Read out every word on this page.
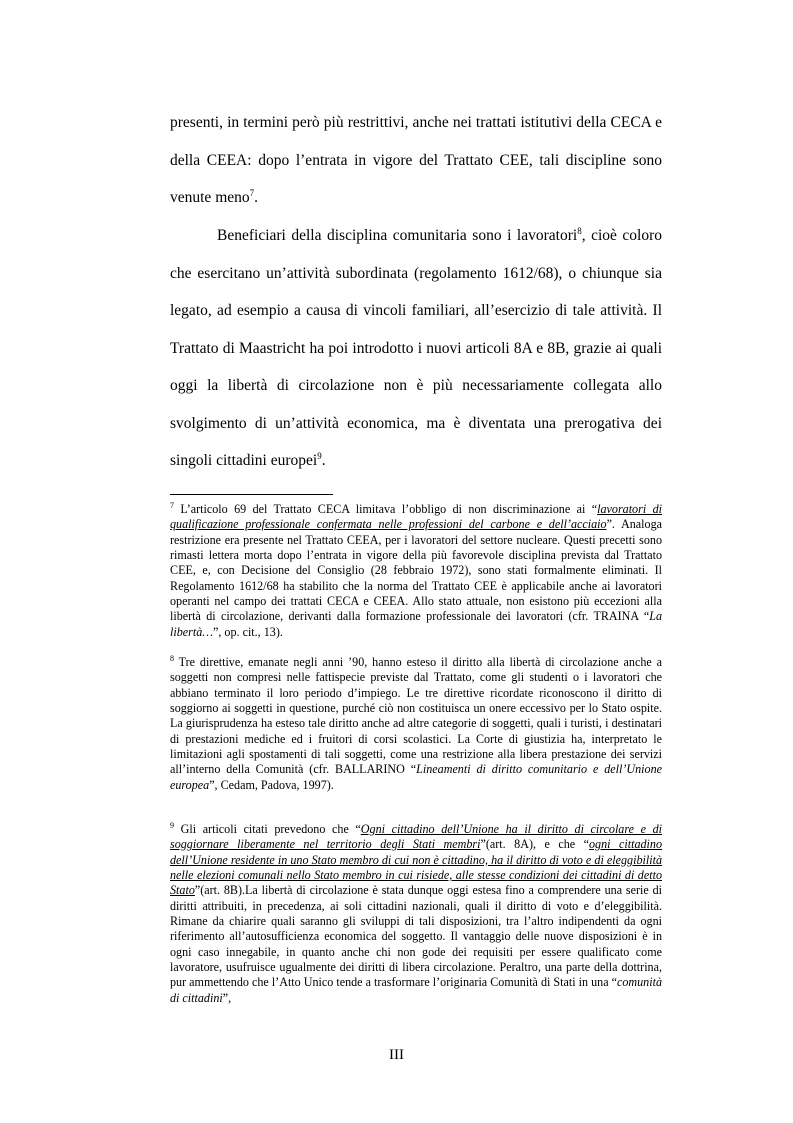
presenti, in termini però più restrittivi, anche nei trattati istitutivi della CECA e della CEEA: dopo l’entrata in vigore del Trattato CEE, tali discipline sono venute meno$^7$.

Beneficiari della disciplina comunitaria sono i lavoratori$^8$, cioè coloro che esercitano un’attività subordinata (regolamento 1612/68), o chiunque sia legato, ad esempio a causa di vincoli familiari, all’esercizio di tale attività. Il Trattato di Maastricht ha poi introdotto i nuovi articoli 8A e 8B, grazie ai quali oggi la libertà di circolazione non è più necessariamente collegata allo svolgimento di un’attività economica, ma è diventata una prerogativa dei singoli cittadini europei$^9$.

$^7$ L’articolo 69 del Trattato CECA limitava l’obbligo di non discriminazione ai “lavoratori di qualificazione professionale confermata nelle professioni del carbone e dell’acciaio”. Analoga restrizione era presente nel Trattato CEEA, per i lavoratori del settore nucleare. Questi precetti sono rimasti lettera morta dopo l’entrata in vigore della più favorevole disciplina prevista dal Trattato CEE, e, con Decisione del Consiglio (28 febbraio 1972), sono stati formalmente eliminati. Il Regolamento 1612/68 ha stabilito che la norma del Trattato CEE è applicabile anche ai lavoratori operanti nel campo dei trattati CECA e CEEA. Allo stato attuale, non esistono più eccezioni alla libertà di circolazione, derivanti dalla formazione professionale dei lavoratori (cfr. TRAINA “La libertà…”, op. cit., 13).

$^8$ Tre direttive, emanate negli anni ’90, hanno esteso il diritto alla libertà di circolazione anche a soggetti non compresi nelle fattispecie previste dal Trattato, come gli studenti o i lavoratori che abbiano terminato il loro periodo d’impiego. Le tre direttive ricordate riconoscono il diritto di soggiorno ai soggetti in questione, purché ciò non costituisca un onere eccessivo per lo Stato ospite. La giurisprudenza ha esteso tale diritto anche ad altre categorie di soggetti, quali i turisti, i destinatari di prestazioni mediche ed i fruitori di corsi scolastici. La Corte di giustizia ha, interpretato le limitazioni agli spostamenti di tali soggetti, come una restrizione alla libera prestazione dei servizi all’interno della Comunità (cfr. BALLARINO “Lineamenti di diritto comunitario e dell’Unione europea”, Cedam, Padova, 1997).

$^9$ Gli articoli citati prevedono che “Ogni cittadino dell’Unione ha il diritto di circolare e di soggiornare liberamente nel territorio degli Stati membri”(art. 8A), e che “ogni cittadino dell’Unione residente in uno Stato membro di cui non è cittadino, ha il diritto di voto e di eleggibilità nelle elezioni comunali nello Stato membro in cui risiede, alle stesse condizioni dei cittadini di detto Stato”(art. 8B).La libertà di circolazione è stata dunque oggi estesa fino a comprendere una serie di diritti attribuiti, in precedenza, ai soli cittadini nazionali, quali il diritto di voto e d’eleggibilità. Rimane da chiarire quali saranno gli sviluppi di tali disposizioni, tra l’altro indipendenti da ogni riferimento all’autosufficienza economica del soggetto. Il vantaggio delle nuove disposizioni è in ogni caso innegabile, in quanto anche chi non gode dei requisiti per essere qualificato come lavoratore, usufruisce ugualmente dei diritti di libera circolazione. Peraltro, una parte della dottrina, pur ammettendo che l’Atto Unico tende a trasformare l’originaria Comunità di Stati in una “comunità di cittadini”,

III
